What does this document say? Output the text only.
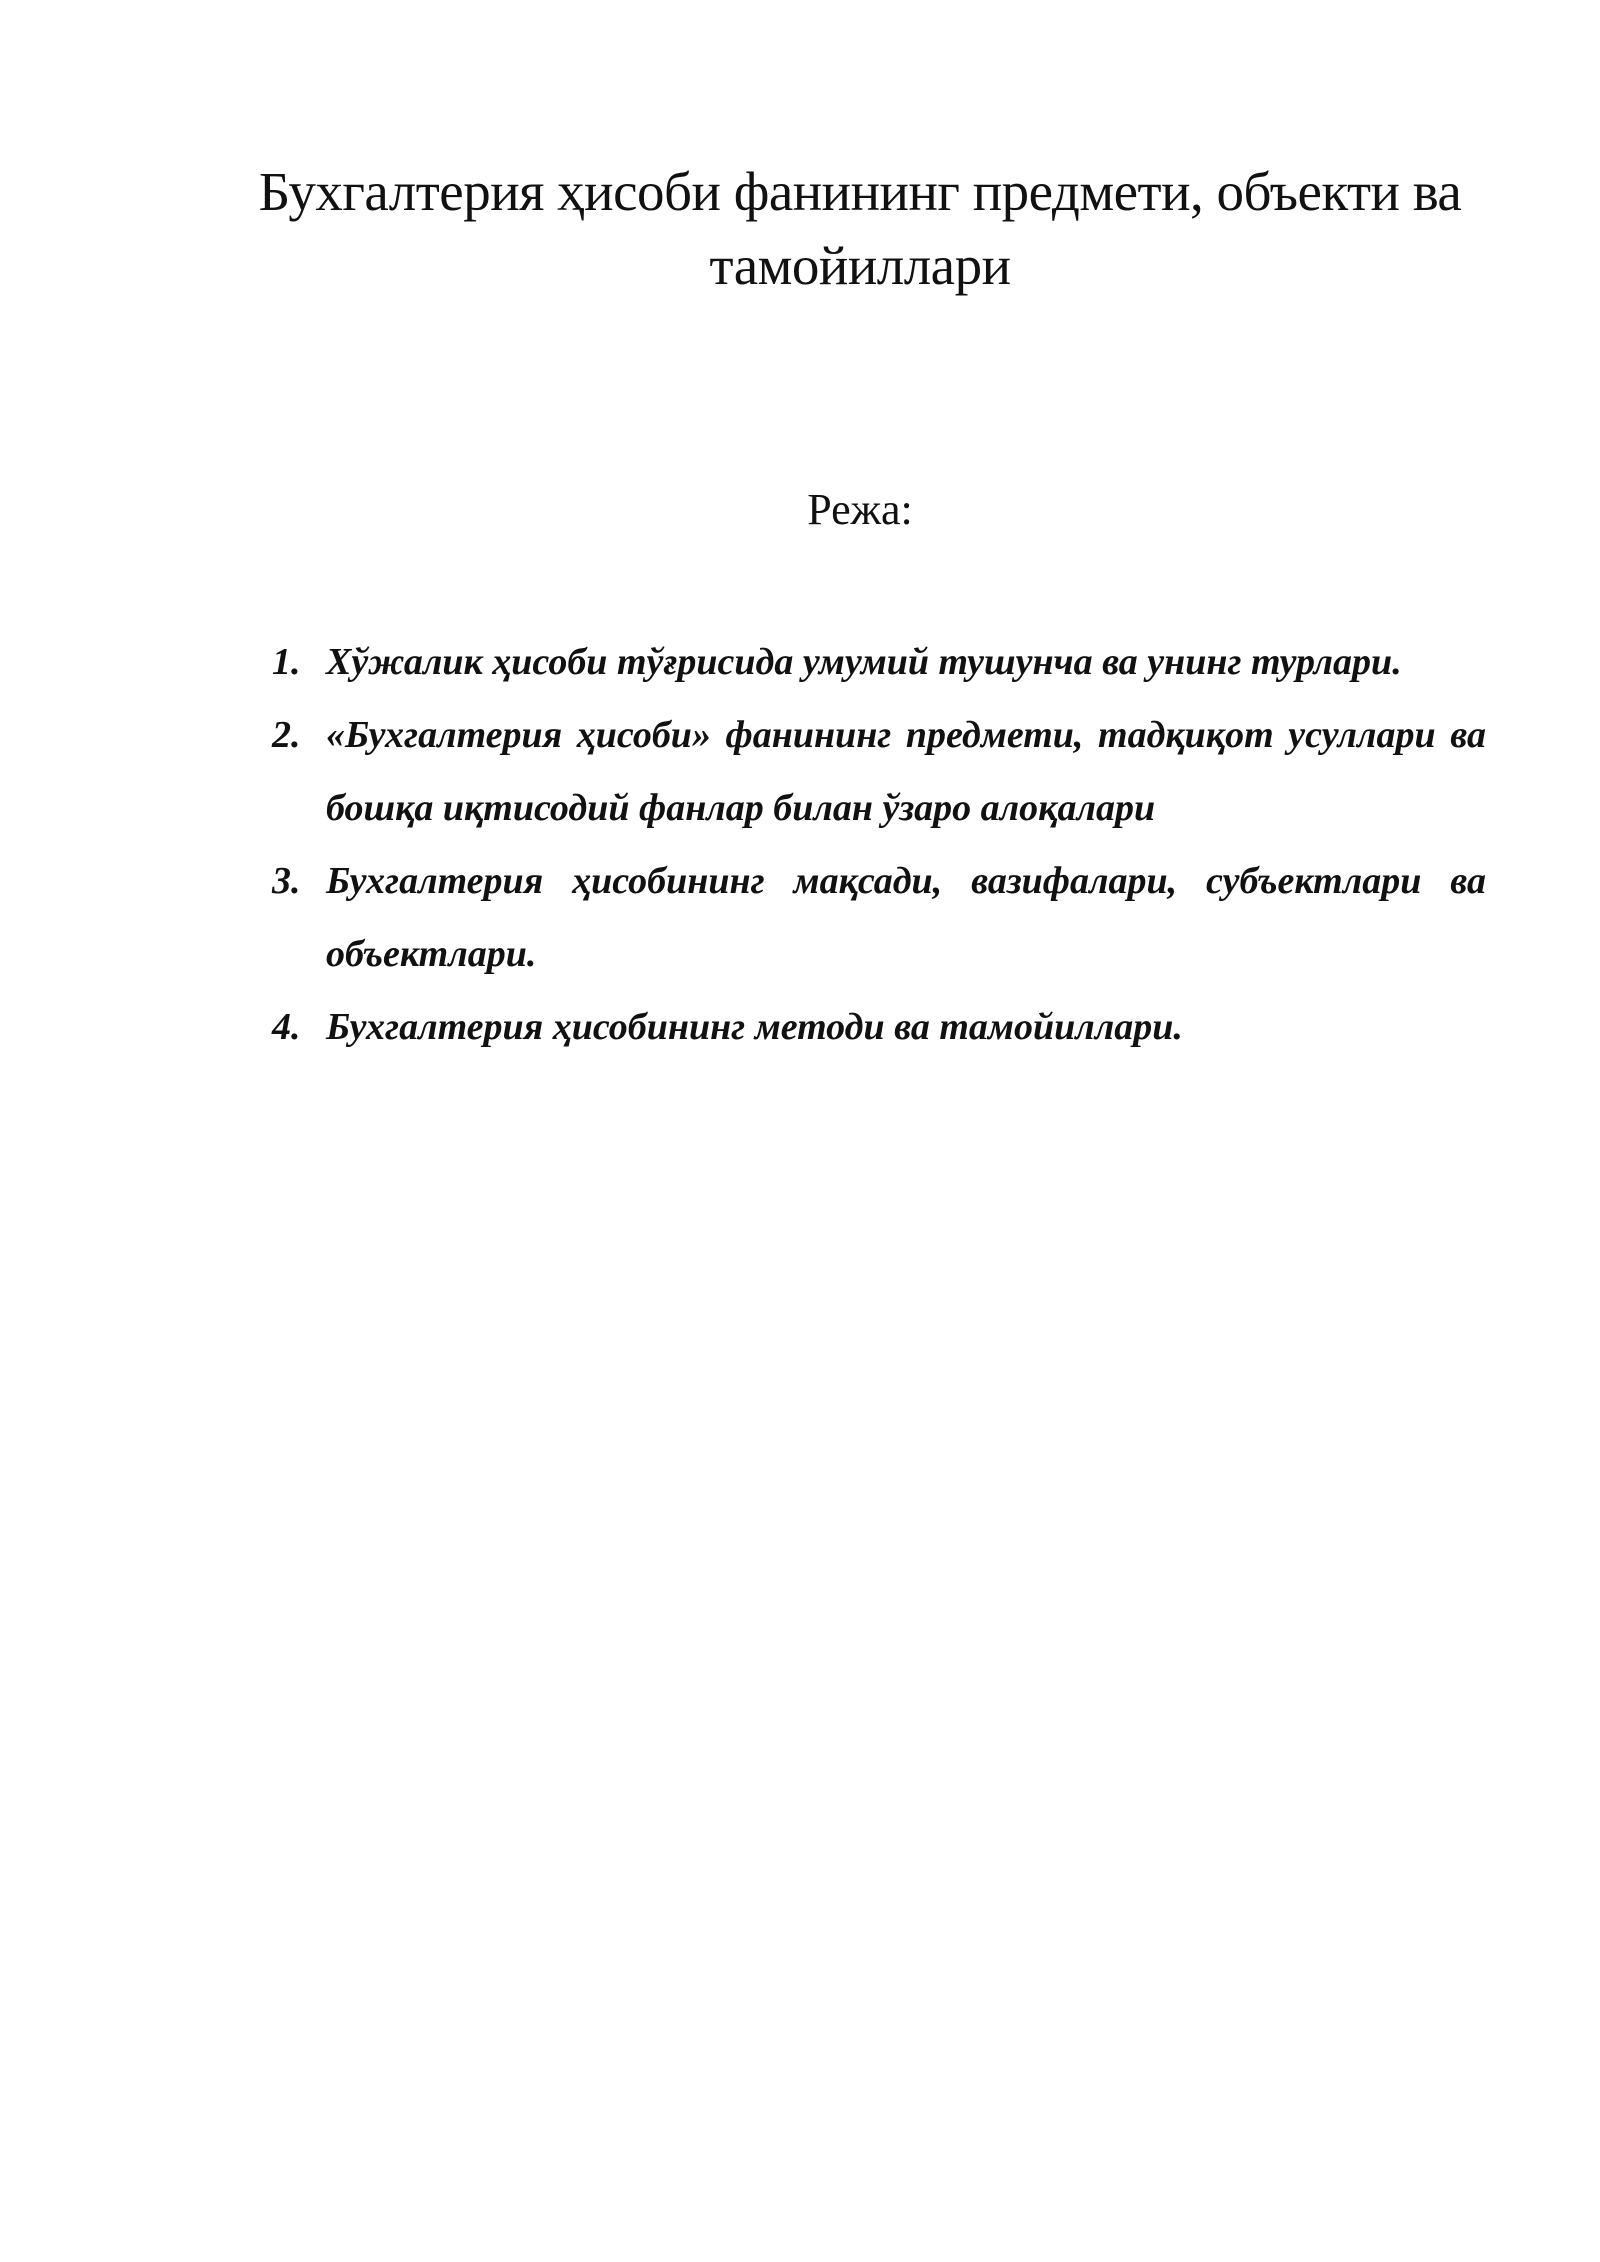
Бухгалтерия ҳисоби фанининг предмети, объекти ва тамойиллари
Режа:
1. Хўжалик ҳисоби тўғрисида умумий тушунча ва унинг турлари.
2. «Бухгалтерия ҳисоби» фанининг предмети, тадқиқот усуллари ва бошқа иқтисодий фанлар билан ўзаро алоқалари
3. Бухгалтерия ҳисобининг мақсади, вазифалари, субъектлари ва объектлари.
4. Бухгалтерия ҳисобининг методи ва тамойиллари.
